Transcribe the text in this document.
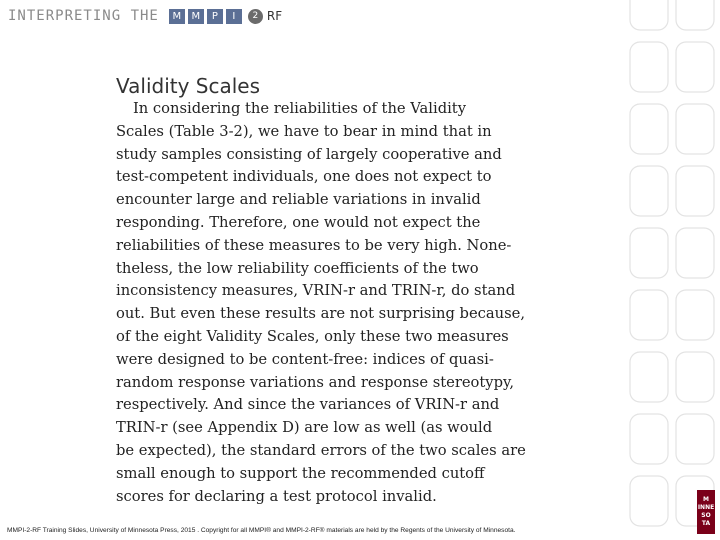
INTERPRETING THE	M	M	P	I	2 RF
Validity Scales
In considering the reliabilities of the Validity
Scales (Table 3-2), we have to bear in mind that in
study samples consisting of largely cooperative and
test-competent individuals, one does not expect to
encounter large and reliable variations in invalid
responding. Therefore, one would not expect the
reliabilities of these measures to be very high. None-
theless, the low reliability coefficients of the two
inconsistency measures, VRIN-r and TRIN-r, do stand
out. But even these results are not surprising because,
of the eight Validity Scales, only these two measures
were designed to be content-free: indices of quasi-
random response variations and response stereotypy,
respectively. And since the variances of VRIN-r and
TRIN-r (see Appendix D) are low as well (as would
be expected), the standard errors of the two scales are
small enough to support the recommended cutoff
scores for declaring a test protocol invalid.
MMPI-2-RF Training Slides, University of Minnesota Press, 2015 . Copyright for all MMPI® and MMPI-2-RF® materials are held by the Regents of the University of Minnesota.
M
INNE
SO
TA
